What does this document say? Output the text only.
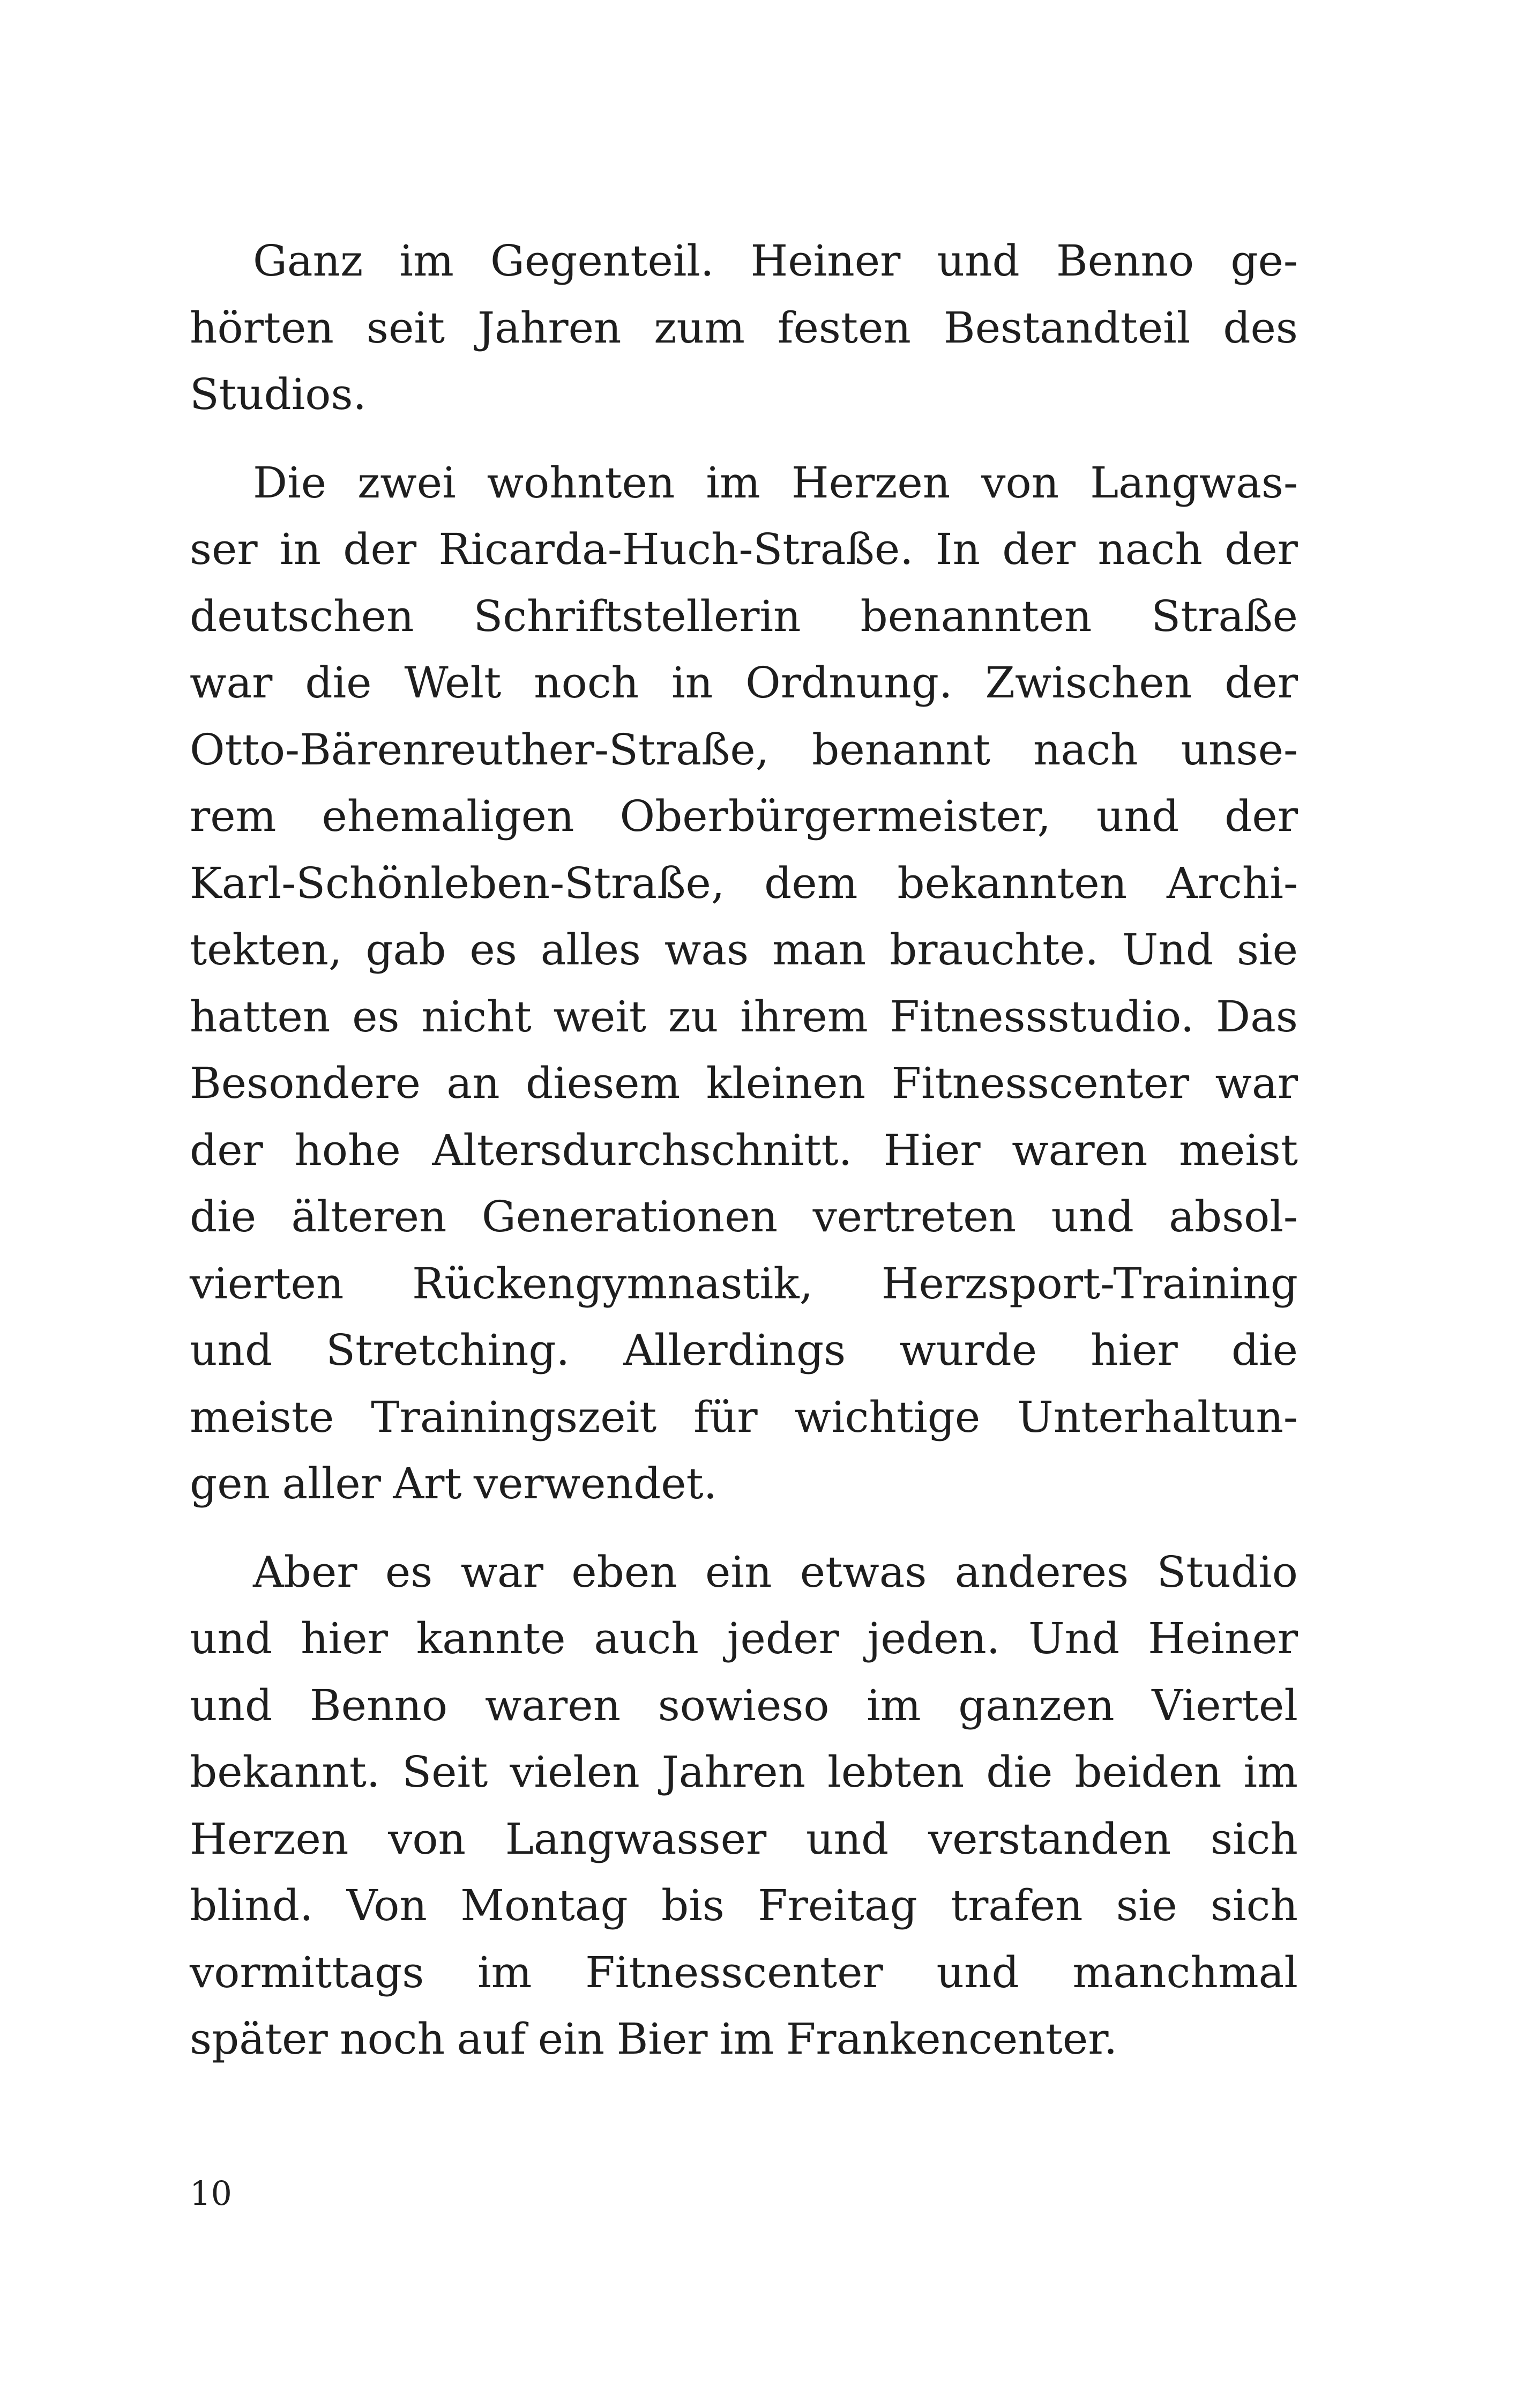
Ganz im Gegenteil. Heiner und Benno ge-
hörten seit Jahren zum festen Bestandteil des
Studios.
Die zwei wohnten im Herzen von Langwas-
ser in der Ricarda-Huch-Straße. In der nach der
deutschen Schriftstellerin benannten Straße
war die Welt noch in Ordnung. Zwischen der
Otto-Bärenreuther-Straße, benannt nach unse-
rem ehemaligen Oberbürgermeister, und der
Karl-Schönleben-Straße, dem bekannten Archi-
tekten, gab es alles was man brauchte. Und sie
hatten es nicht weit zu ihrem Fitnessstudio. Das
Besondere an diesem kleinen Fitnesscenter war
der hohe Altersdurchschnitt. Hier waren meist
die älteren Generationen vertreten und absol-
vierten Rückengymnastik, Herzsport-Training
und Stretching. Allerdings wurde hier die
meiste Trainingszeit für wichtige Unterhaltun-
gen aller Art verwendet.
Aber es war eben ein etwas anderes Studio
und hier kannte auch jeder jeden. Und Heiner
und Benno waren sowieso im ganzen Viertel
bekannt. Seit vielen Jahren lebten die beiden im
Herzen von Langwasser und verstanden sich
blind. Von Montag bis Freitag trafen sie sich
vormittags im Fitnesscenter und manchmal
später noch auf ein Bier im Frankencenter.
10
